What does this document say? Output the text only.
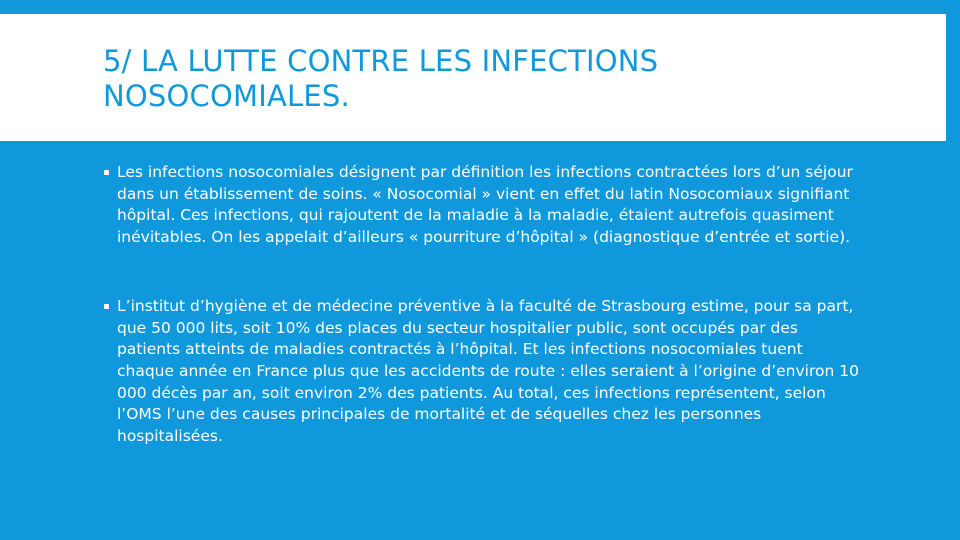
5/ LA LUTTE CONTRE LES INFECTIONS
NOSOCOMIALES.

▪ Les infections nosocomiales désignent par définition les infections contractées lors d’un séjour dans un établissement de soins. « Nosocomial » vient en effet du latin Nosocomiaux signifiant hôpital. Ces infections, qui rajoutent de la maladie à la maladie, étaient autrefois quasiment inévitables. On les appelait d’ailleurs « pourriture d’hôpital » (diagnostique d’entrée et sortie).

▪ L’institut d’hygiène et de médecine préventive à la faculté de Strasbourg estime, pour sa part, que 50 000 lits, soit 10% des places du secteur hospitalier public, sont occupés par des patients atteints de maladies contractés à l’hôpital. Et les infections nosocomiales tuent chaque année en France plus que les accidents de route : elles seraient à l’origine d’environ 10 000 décès par an, soit environ 2% des patients. Au total, ces infections représentent, selon l’OMS l’une des causes principales de mortalité et de séquelles chez les personnes hospitalisées.
